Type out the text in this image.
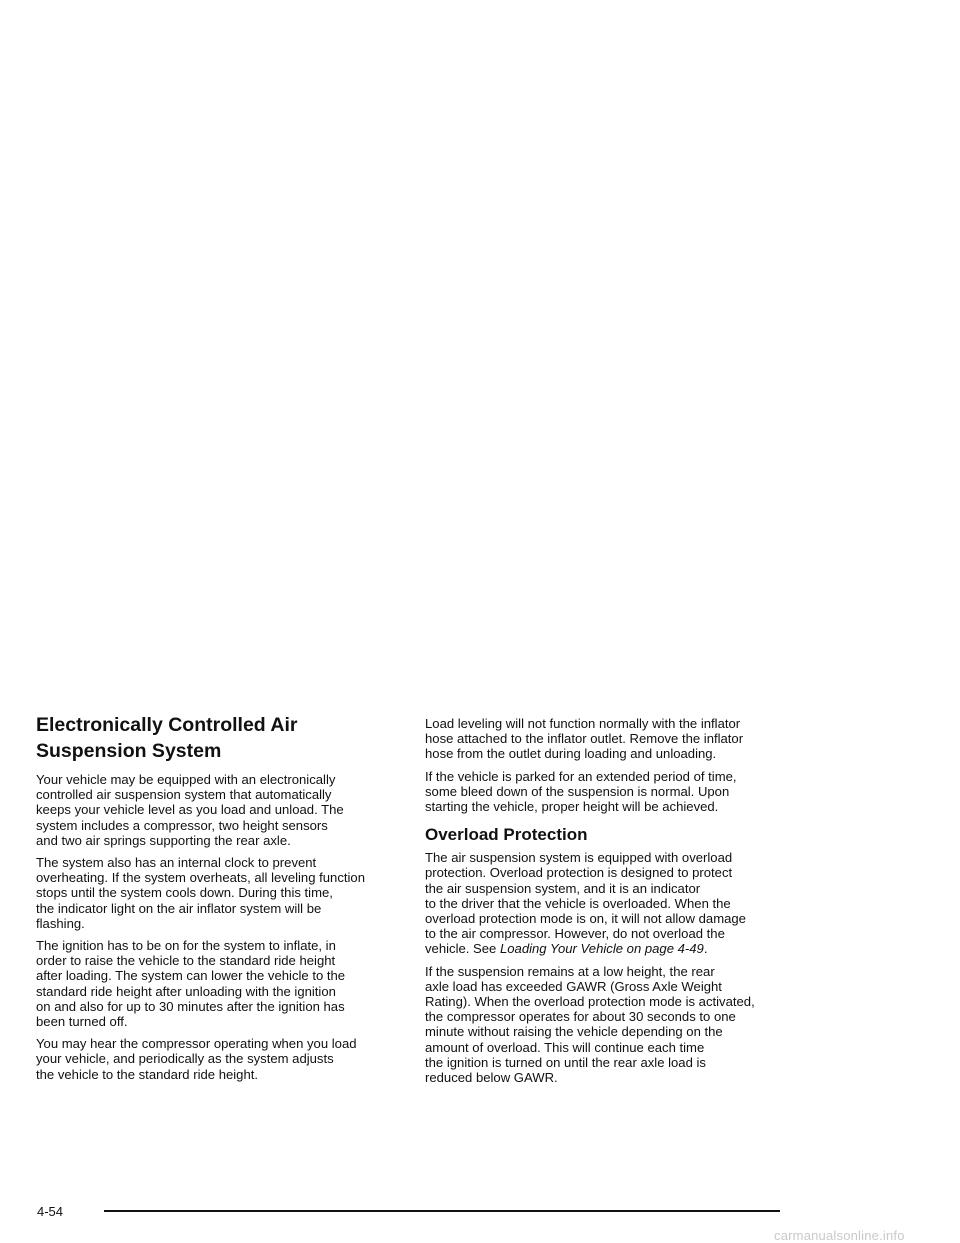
Electronically Controlled Air
Suspension System

Your vehicle may be equipped with an electronically
controlled air suspension system that automatically
keeps your vehicle level as you load and unload. The
system includes a compressor, two height sensors
and two air springs supporting the rear axle.

The system also has an internal clock to prevent
overheating. If the system overheats, all leveling function
stops until the system cools down. During this time,
the indicator light on the air inflator system will be
flashing.

The ignition has to be on for the system to inflate, in
order to raise the vehicle to the standard ride height
after loading. The system can lower the vehicle to the
standard ride height after unloading with the ignition
on and also for up to 30 minutes after the ignition has
been turned off.

You may hear the compressor operating when you load
your vehicle, and periodically as the system adjusts
the vehicle to the standard ride height.

Load leveling will not function normally with the inflator
hose attached to the inflator outlet. Remove the inflator
hose from the outlet during loading and unloading.

If the vehicle is parked for an extended period of time,
some bleed down of the suspension is normal. Upon
starting the vehicle, proper height will be achieved.

Overload Protection

The air suspension system is equipped with overload
protection. Overload protection is designed to protect
the air suspension system, and it is an indicator
to the driver that the vehicle is overloaded. When the
overload protection mode is on, it will not allow damage
to the air compressor. However, do not overload the
vehicle. See Loading Your Vehicle on page 4-49.

If the suspension remains at a low height, the rear
axle load has exceeded GAWR (Gross Axle Weight
Rating). When the overload protection mode is activated,
the compressor operates for about 30 seconds to one
minute without raising the vehicle depending on the
amount of overload. This will continue each time
the ignition is turned on until the rear axle load is
reduced below GAWR.

4-54
carmanualsonline.info
